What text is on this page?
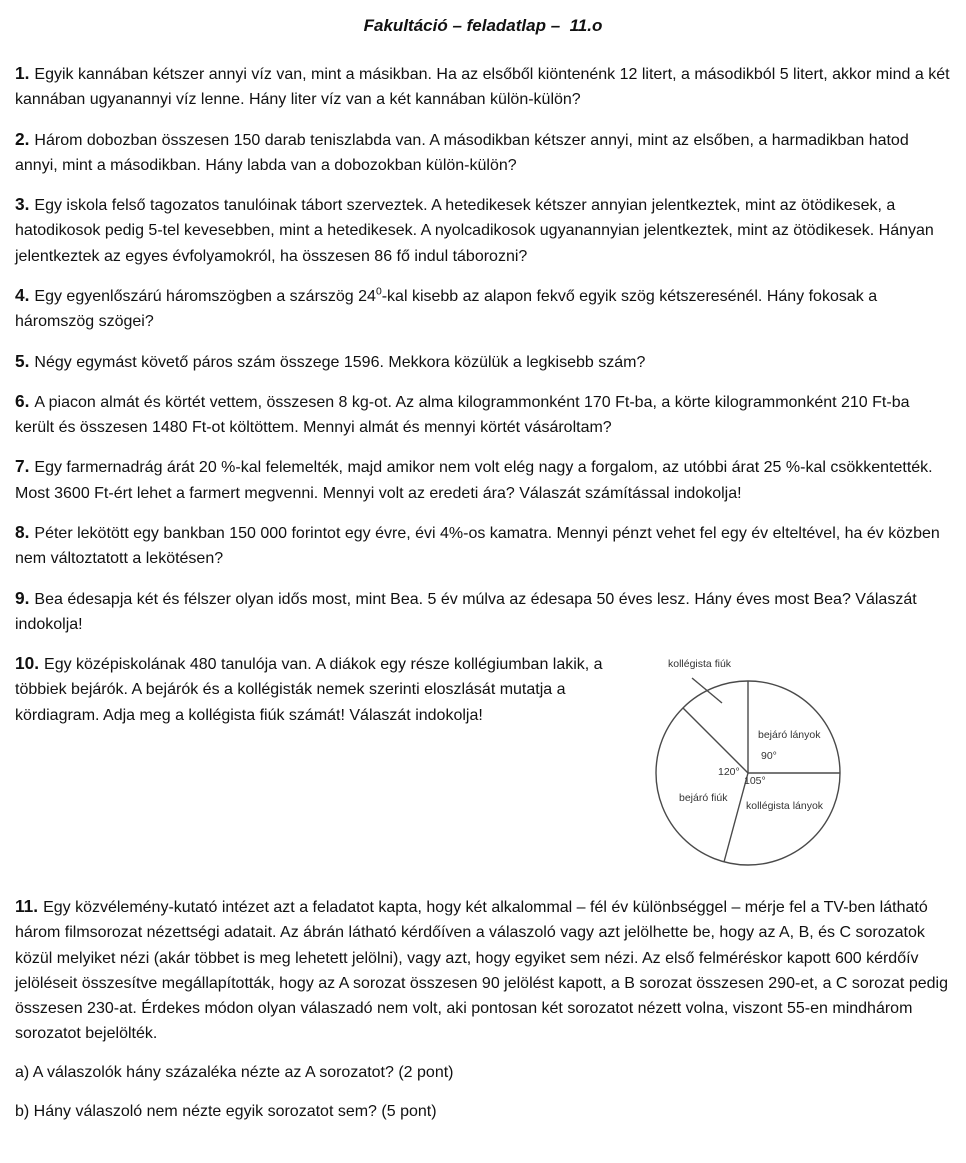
Fakultáció – feladatlap –  11.o

1. Egyik kannában kétszer annyi víz van, mint a másikban. Ha az elsőből kiöntenénk 12 litert, a másodikból 5 litert, akkor mind a két kannában ugyanannyi víz lenne. Hány liter víz van a két kannában külön-külön?

2. Három dobozban összesen 150 darab teniszlabda van. A másodikban kétszer annyi, mint az elsőben, a harmadikban hatod annyi, mint a másodikban. Hány labda van a dobozokban külön-külön?

3. Egy iskola felső tagozatos tanulóinak tábort szerveztek. A hetedikesek kétszer annyian jelentkeztek, mint az ötödikesek, a hatodikosok pedig 5-tel kevesebben, mint a hetedikesek. A nyolcadikosok ugyanannyian jelentkeztek, mint az ötödikesek. Hányan jelentkeztek az egyes évfolyamokról, ha összesen 86 fő indul táborozni?

4. Egy egyenlőszárú háromszögben a szárszög $24^0$-kal kisebb az alapon fekvő egyik szög kétszeresénél. Hány fokosak a háromszög szögei?

5. Négy egymást követő páros szám összege 1596. Mekkora közülük a legkisebb szám?

6. A piacon almát és körtét vettem, összesen 8 kg-ot. Az alma kilogrammonként 170 Ft-ba, a körte kilogrammonként 210 Ft-ba került és összesen 1480 Ft-ot költöttem. Mennyi almát és mennyi körtét vásároltam?

7. Egy farmernadrág árát 20 %-kal felemelték, majd amikor nem volt elég nagy a forgalom, az utóbbi árat 25 %-kal csökkentették. Most 3600 Ft-ért lehet a farmert megvenni. Mennyi volt az eredeti ára? Válaszát számítással indokolja!

8. Péter lekötött egy bankban 150 000 forintot egy évre, évi 4%-os kamatra. Mennyi pénzt vehet fel egy év elteltével, ha év közben nem változtatott a lekötésen?

9. Bea édesapja két és félszer olyan idős most, mint Bea. 5 év múlva az édesapa 50 éves lesz. Hány éves most Bea? Válaszát indokolja!

10. Egy középiskolának 480 tanulója van. A diákok egy része kollégiumban lakik, a többiek bejárók. A bejárók és a kollégisták nemek szerinti eloszlását mutatja a kördiagram. Adja meg a kollégista fiúk számát! Válaszát indokolja!

kollégista fiúk
bejáró lányok
90°
120°
105°
bejáró fiúk
kollégista lányok

11. Egy közvélemény-kutató intézet azt a feladatot kapta, hogy két alkalommal – fél év különbséggel – mérje fel a TV-ben látható három filmsorozat nézettségi adatait. Az ábrán látható kérdőíven a válaszoló vagy azt jelölhette be, hogy az A, B, és C sorozatok közül melyiket nézi (akár többet is meg lehetett jelölni), vagy azt, hogy egyiket sem nézi. Az első felméréskor kapott 600 kérdőív jelöléseit összesítve megállapították, hogy az A sorozat összesen 90 jelölést kapott, a B sorozat összesen 290-et, a C sorozat pedig összesen 230-at. Érdekes módon olyan válaszadó nem volt, aki pontosan két sorozatot nézett volna, viszont 55-en mindhárom sorozatot bejelölték.

a) A válaszolók hány százaléka nézte az A sorozatot? (2 pont)

b) Hány válaszoló nem nézte egyik sorozatot sem? (5 pont)
